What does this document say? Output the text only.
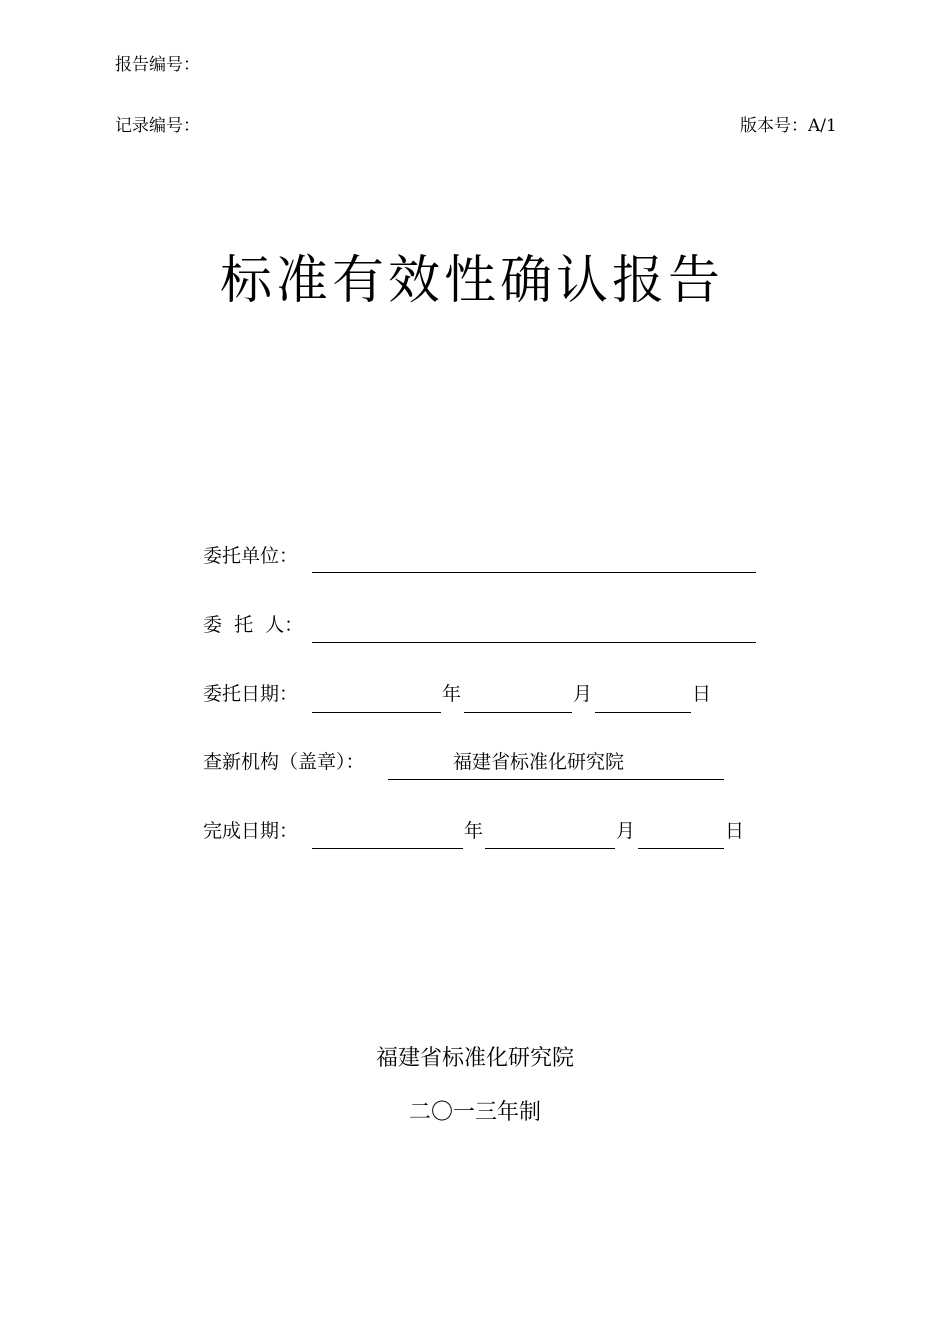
报告编号：
记录编号：	版本号：A/1
标准有效性确认报告
委托单位：
委  托  人：
委托日期：	年	月	日
查新机构（盖章）：	福建省标准化研究院
完成日期：	年	月	日
福建省标准化研究院
二〇一三年制
